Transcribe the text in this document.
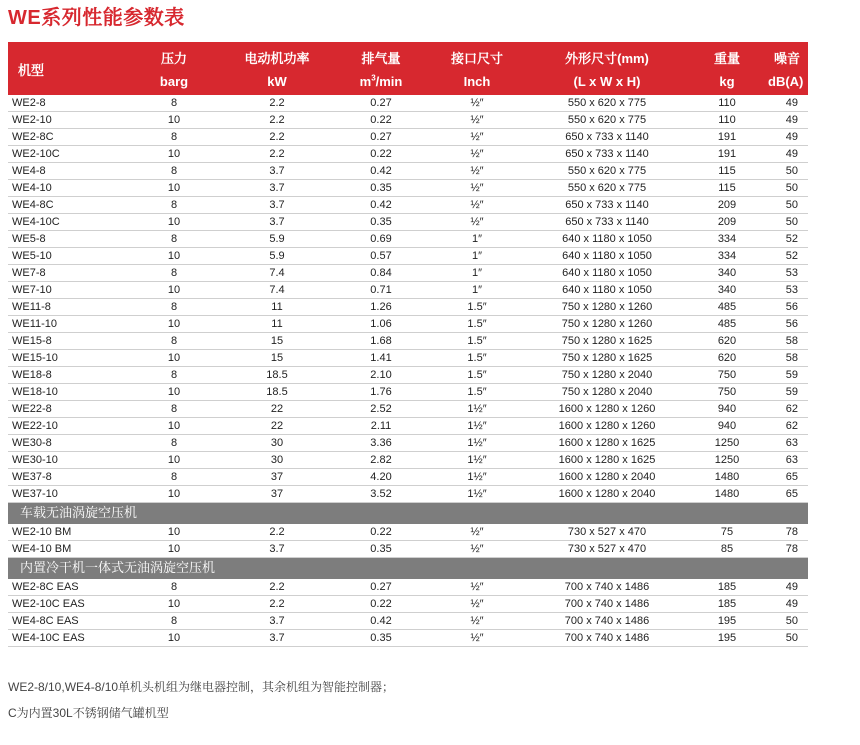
WE系列性能参数表
机型	压力	电动机功率	排气量	接口尺寸	外形尺寸(mm)	重量	噪音
	barg	kW	$m^3/\min$	Inch	(L x W x H)	kg	dB(A)
WE2-8	8	2.2	0.27	½″	550 x 620 x 775	110	49
WE2-10	10	2.2	0.22	½″	550 x 620 x 775	110	49
WE2-8C	8	2.2	0.27	½″	650 x 733 x 1140	191	49
WE2-10C	10	2.2	0.22	½″	650 x 733 x 1140	191	49
WE4-8	8	3.7	0.42	½″	550 x 620 x 775	115	50
WE4-10	10	3.7	0.35	½″	550 x 620 x 775	115	50
WE4-8C	8	3.7	0.42	½″	650 x 733 x 1140	209	50
WE4-10C	10	3.7	0.35	½″	650 x 733 x 1140	209	50
WE5-8	8	5.9	0.69	1″	640 x 1180 x 1050	334	52
WE5-10	10	5.9	0.57	1″	640 x 1180 x 1050	334	52
WE7-8	8	7.4	0.84	1″	640 x 1180 x 1050	340	53
WE7-10	10	7.4	0.71	1″	640 x 1180 x 1050	340	53
WE11-8	8	11	1.26	1.5″	750 x 1280 x 1260	485	56
WE11-10	10	11	1.06	1.5″	750 x 1280 x 1260	485	56
WE15-8	8	15	1.68	1.5″	750 x 1280 x 1625	620	58
WE15-10	10	15	1.41	1.5″	750 x 1280 x 1625	620	58
WE18-8	8	18.5	2.10	1.5″	750 x 1280 x 2040	750	59
WE18-10	10	18.5	1.76	1.5″	750 x 1280 x 2040	750	59
WE22-8	8	22	2.52	1½″	1600 x 1280 x 1260	940	62
WE22-10	10	22	2.11	1½″	1600 x 1280 x 1260	940	62
WE30-8	8	30	3.36	1½″	1600 x 1280 x 1625	1250	63
WE30-10	10	30	2.82	1½″	1600 x 1280 x 1625	1250	63
WE37-8	8	37	4.20	1½″	1600 x 1280 x 2040	1480	65
WE37-10	10	37	3.52	1½″	1600 x 1280 x 2040	1480	65
车载无油涡旋空压机							
WE2-10 BM	10	2.2	0.22	½″	730 x 527 x 470	75	78
WE4-10 BM	10	3.7	0.35	½″	730 x 527 x 470	85	78
内置冷干机一体式无油涡旋空压机							
WE2-8C EAS	8	2.2	0.27	½″	700 x 740 x 1486	185	49
WE2-10C EAS	10	2.2	0.22	½″	700 x 740 x 1486	185	49
WE4-8C EAS	8	3.7	0.42	½″	700 x 740 x 1486	195	50
WE4-10C EAS	10	3.7	0.35	½″	700 x 740 x 1486	195	50
WE2-8/10,WE4-8/10单机头机组为继电器控制，其余机组为智能控制器；
C为内置30L不锈钢储气罐机型
